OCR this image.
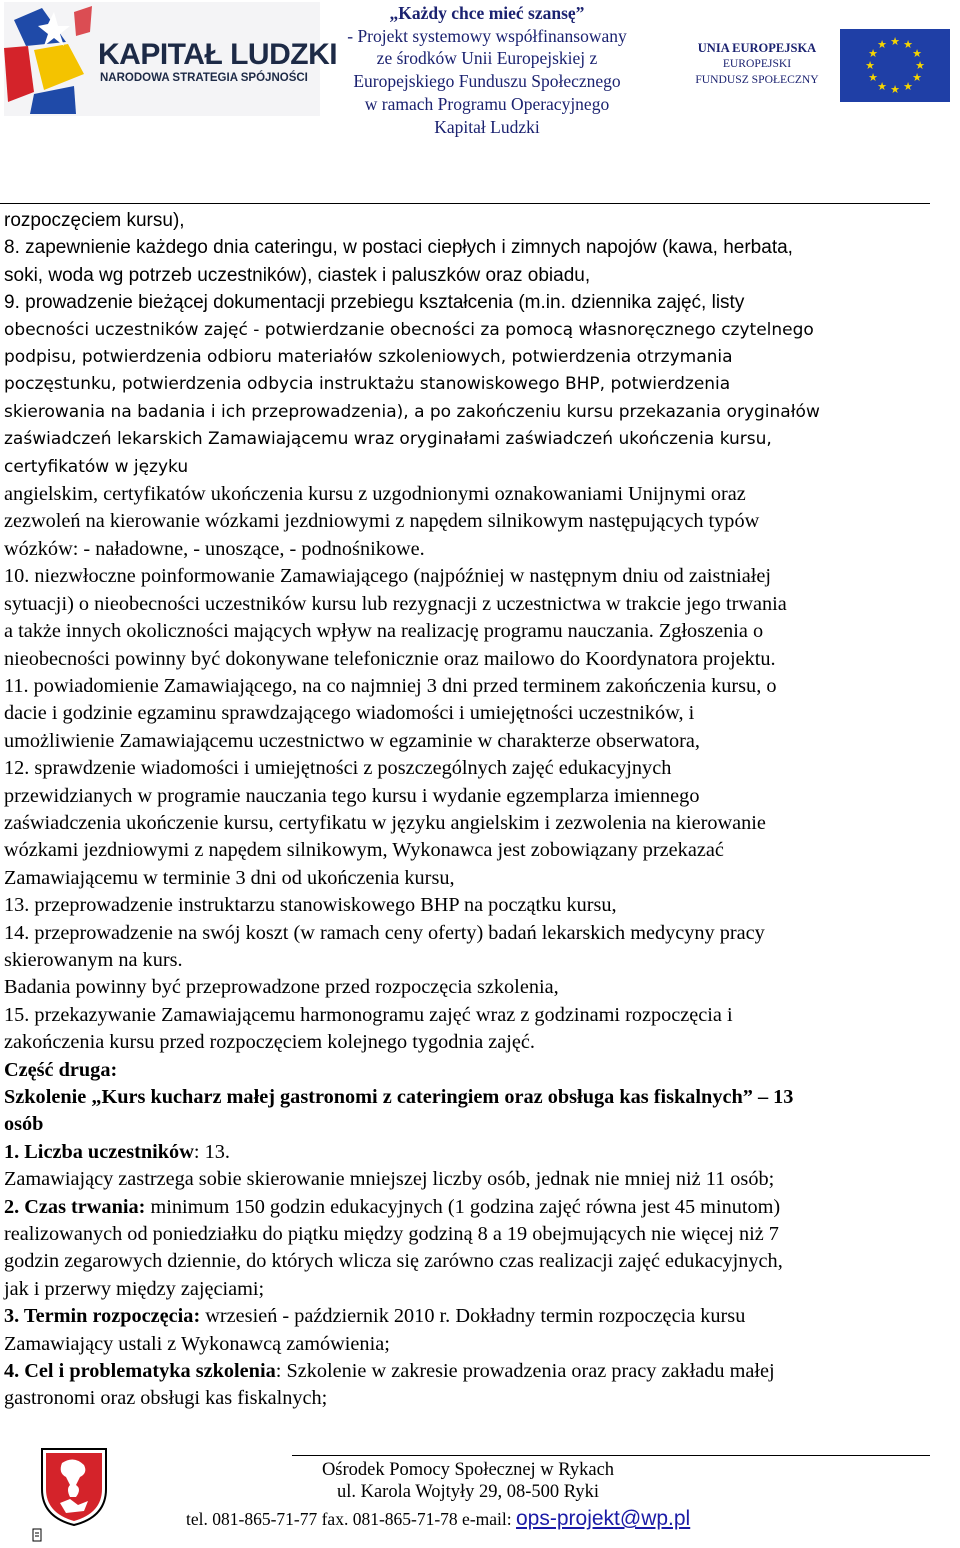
KAPITAŁ LUDZKI
NARODOWA STRATEGIA SPÓJNOŚCI
„Każdy chce mieć szansę”
- Projekt systemowy współfinansowany
ze środków Unii Europejskiej z
Europejskiego Funduszu Społecznego
w ramach Programu Operacyjnego
Kapitał Ludzki
UNIA EUROPEJSKA
EUROPEJSKI
FUNDUSZ SPOŁECZNY
★ ★
★
★
★
★
★
★
★
★
★
★

rozpoczęciem kursu),

8. zapewnienie każdego dnia cateringu, w postaci ciepłych i zimnych napojów (kawa, herbata,

soki, woda wg potrzeb uczestników), ciastek i paluszków oraz obiadu,

9. prowadzenie bieżącej dokumentacji przebiegu kształcenia (m.in. dziennika zajęć, listy

obecności uczestników zajęć - potwierdzanie obecności za pomocą własnoręcznego czytelnego

podpisu, potwierdzenia odbioru materiałów szkoleniowych, potwierdzenia otrzymania

poczęstunku, potwierdzenia odbycia instruktażu stanowiskowego BHP, potwierdzenia

skierowania na badania i ich przeprowadzenia), a po zakończeniu kursu przekazania oryginałów

zaświadczeń lekarskich Zamawiającemu wraz oryginałami zaświadczeń ukończenia kursu,

certyfikatów w języku

angielskim, certyfikatów ukończenia kursu z uzgodnionymi oznakowaniami Unijnymi oraz

zezwoleń na kierowanie wózkami jezdniowymi z napędem silnikowym następujących typów

wózków: - naładowne, - unoszące, - podnośnikowe.

10. niezwłoczne poinformowanie Zamawiającego (najpóźniej w następnym dniu od zaistniałej

sytuacji) o nieobecności uczestników kursu lub rezygnacji z uczestnictwa w trakcie jego trwania

a także innych okoliczności mających wpływ na realizację programu nauczania. Zgłoszenia o

nieobecności powinny być dokonywane telefonicznie oraz mailowo do Koordynatora projektu.

11. powiadomienie Zamawiającego, na co najmniej 3 dni przed terminem zakończenia kursu, o

dacie i godzinie egzaminu sprawdzającego wiadomości i umiejętności uczestników, i

umożliwienie Zamawiającemu uczestnictwo w egzaminie w charakterze obserwatora,

12. sprawdzenie wiadomości i umiejętności z poszczególnych zajęć edukacyjnych

przewidzianych w programie nauczania tego kursu i wydanie egzemplarza imiennego

zaświadczenia ukończenie kursu, certyfikatu w języku angielskim i zezwolenia na kierowanie

wózkami jezdniowymi z napędem silnikowym, Wykonawca jest zobowiązany przekazać

Zamawiającemu w terminie 3 dni od ukończenia kursu,

13. przeprowadzenie instruktarzu stanowiskowego BHP na początku kursu,

14. przeprowadzenie na swój koszt (w ramach ceny oferty) badań lekarskich medycyny pracy

skierowanym na kurs.

Badania powinny być przeprowadzone przed rozpoczęcia szkolenia,

15. przekazywanie Zamawiającemu harmonogramu zajęć wraz z godzinami rozpoczęcia i

zakończenia kursu przed rozpoczęciem kolejnego tygodnia zajęć.

Część druga:

Szkolenie „Kurs kucharz małej gastronomi z cateringiem oraz obsługa kas fiskalnych” – 13

osób

1. Liczba uczestników: 13.

Zamawiający zastrzega sobie skierowanie mniejszej liczby osób, jednak nie mniej niż 11 osób;

2. Czas trwania: minimum 150 godzin edukacyjnych (1 godzina zajęć równa jest 45 minutom)

realizowanych od poniedziałku do piątku między godziną 8 a 19 obejmujących nie więcej niż 7

godzin zegarowych dziennie, do których wlicza się zarówno czas realizacji zajęć edukacyjnych,

jak i przerwy między zajęciami;

3. Termin rozpoczęcia: wrzesień - październik 2010 r. Dokładny termin rozpoczęcia kursu

Zamawiający ustali z Wykonawcą zamówienia;

4. Cel i problematyka szkolenia: Szkolenie w zakresie prowadzenia oraz pracy zakładu małej

gastronomi oraz obsługi kas fiskalnych;

Ośrodek Pomocy Społecznej w Rykach
ul. Karola Wojtyły 29, 08-500 Ryki
tel. 081-865-71-77 fax. 081-865-71-78 e-mail: ops-projekt@wp.pl
